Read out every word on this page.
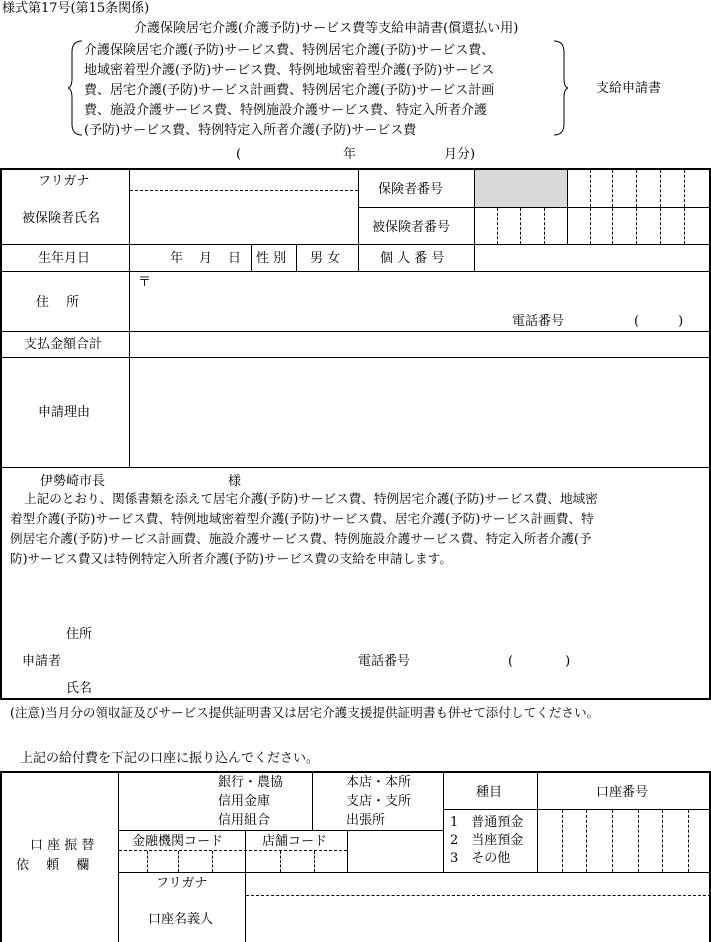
様式第17号(第15条関係)
介護保険居宅介護(介護予防)サービス費等支給申請書(償還払い用)
介護保険居宅介護(予防)サービス費、特例居宅介護(予防)サービス費、
地域密着型介護(予防)サービス費、特例地域密着型介護(予防)サービス
費、居宅介護(予防)サービス計画費、特例居宅介護(予防)サービス計画
費、施設介護サービス費、特例施設介護サービス費、特定入所者介護
(予防)サービス費、特例特定入所者介護(予防)サービス費
支給申請書
(	年	月分)
フリガナ
被保険者氏名
保険者番号
被保険者番号
生年月日	年 月 日 性 別 男 女	個 人 番 号
住　 所
〒
電話番号	(　　　)
支払金額合計
申請理由
伊勢崎市長	様
上記のとおり、関係書類を添えて居宅介護(予防)サービス費、特例居宅介護(予防)サービス費、地域密
着型介護(予防)サービス費、特例地域密着型介護(予防)サービス費、居宅介護(予防)サービス計画費、特
例居宅介護(予防)サービス計画費、施設介護サービス費、特例施設介護サービス費、特定入所者介護(予
防)サービス費又は特例特定入所者介護(予防)サービス費の支給を申請します。
住所
申請者	電話番号	(　　　　)
氏名
(注意)当月分の領収証及びサービス提供証明書又は居宅介護支援提供証明書も併せて添付してください。
上記の給付費を下記の口座に振り込んでください。
口 座 振 替
依　 頼　 欄
銀行・農協
信用金庫
信用組合
本店・本所
支店・支所
出張所
種目	口座番号
1　普通預金
2　当座預金
3　その他
金融機関コード	店舗コード
フリガナ
口座名義人
